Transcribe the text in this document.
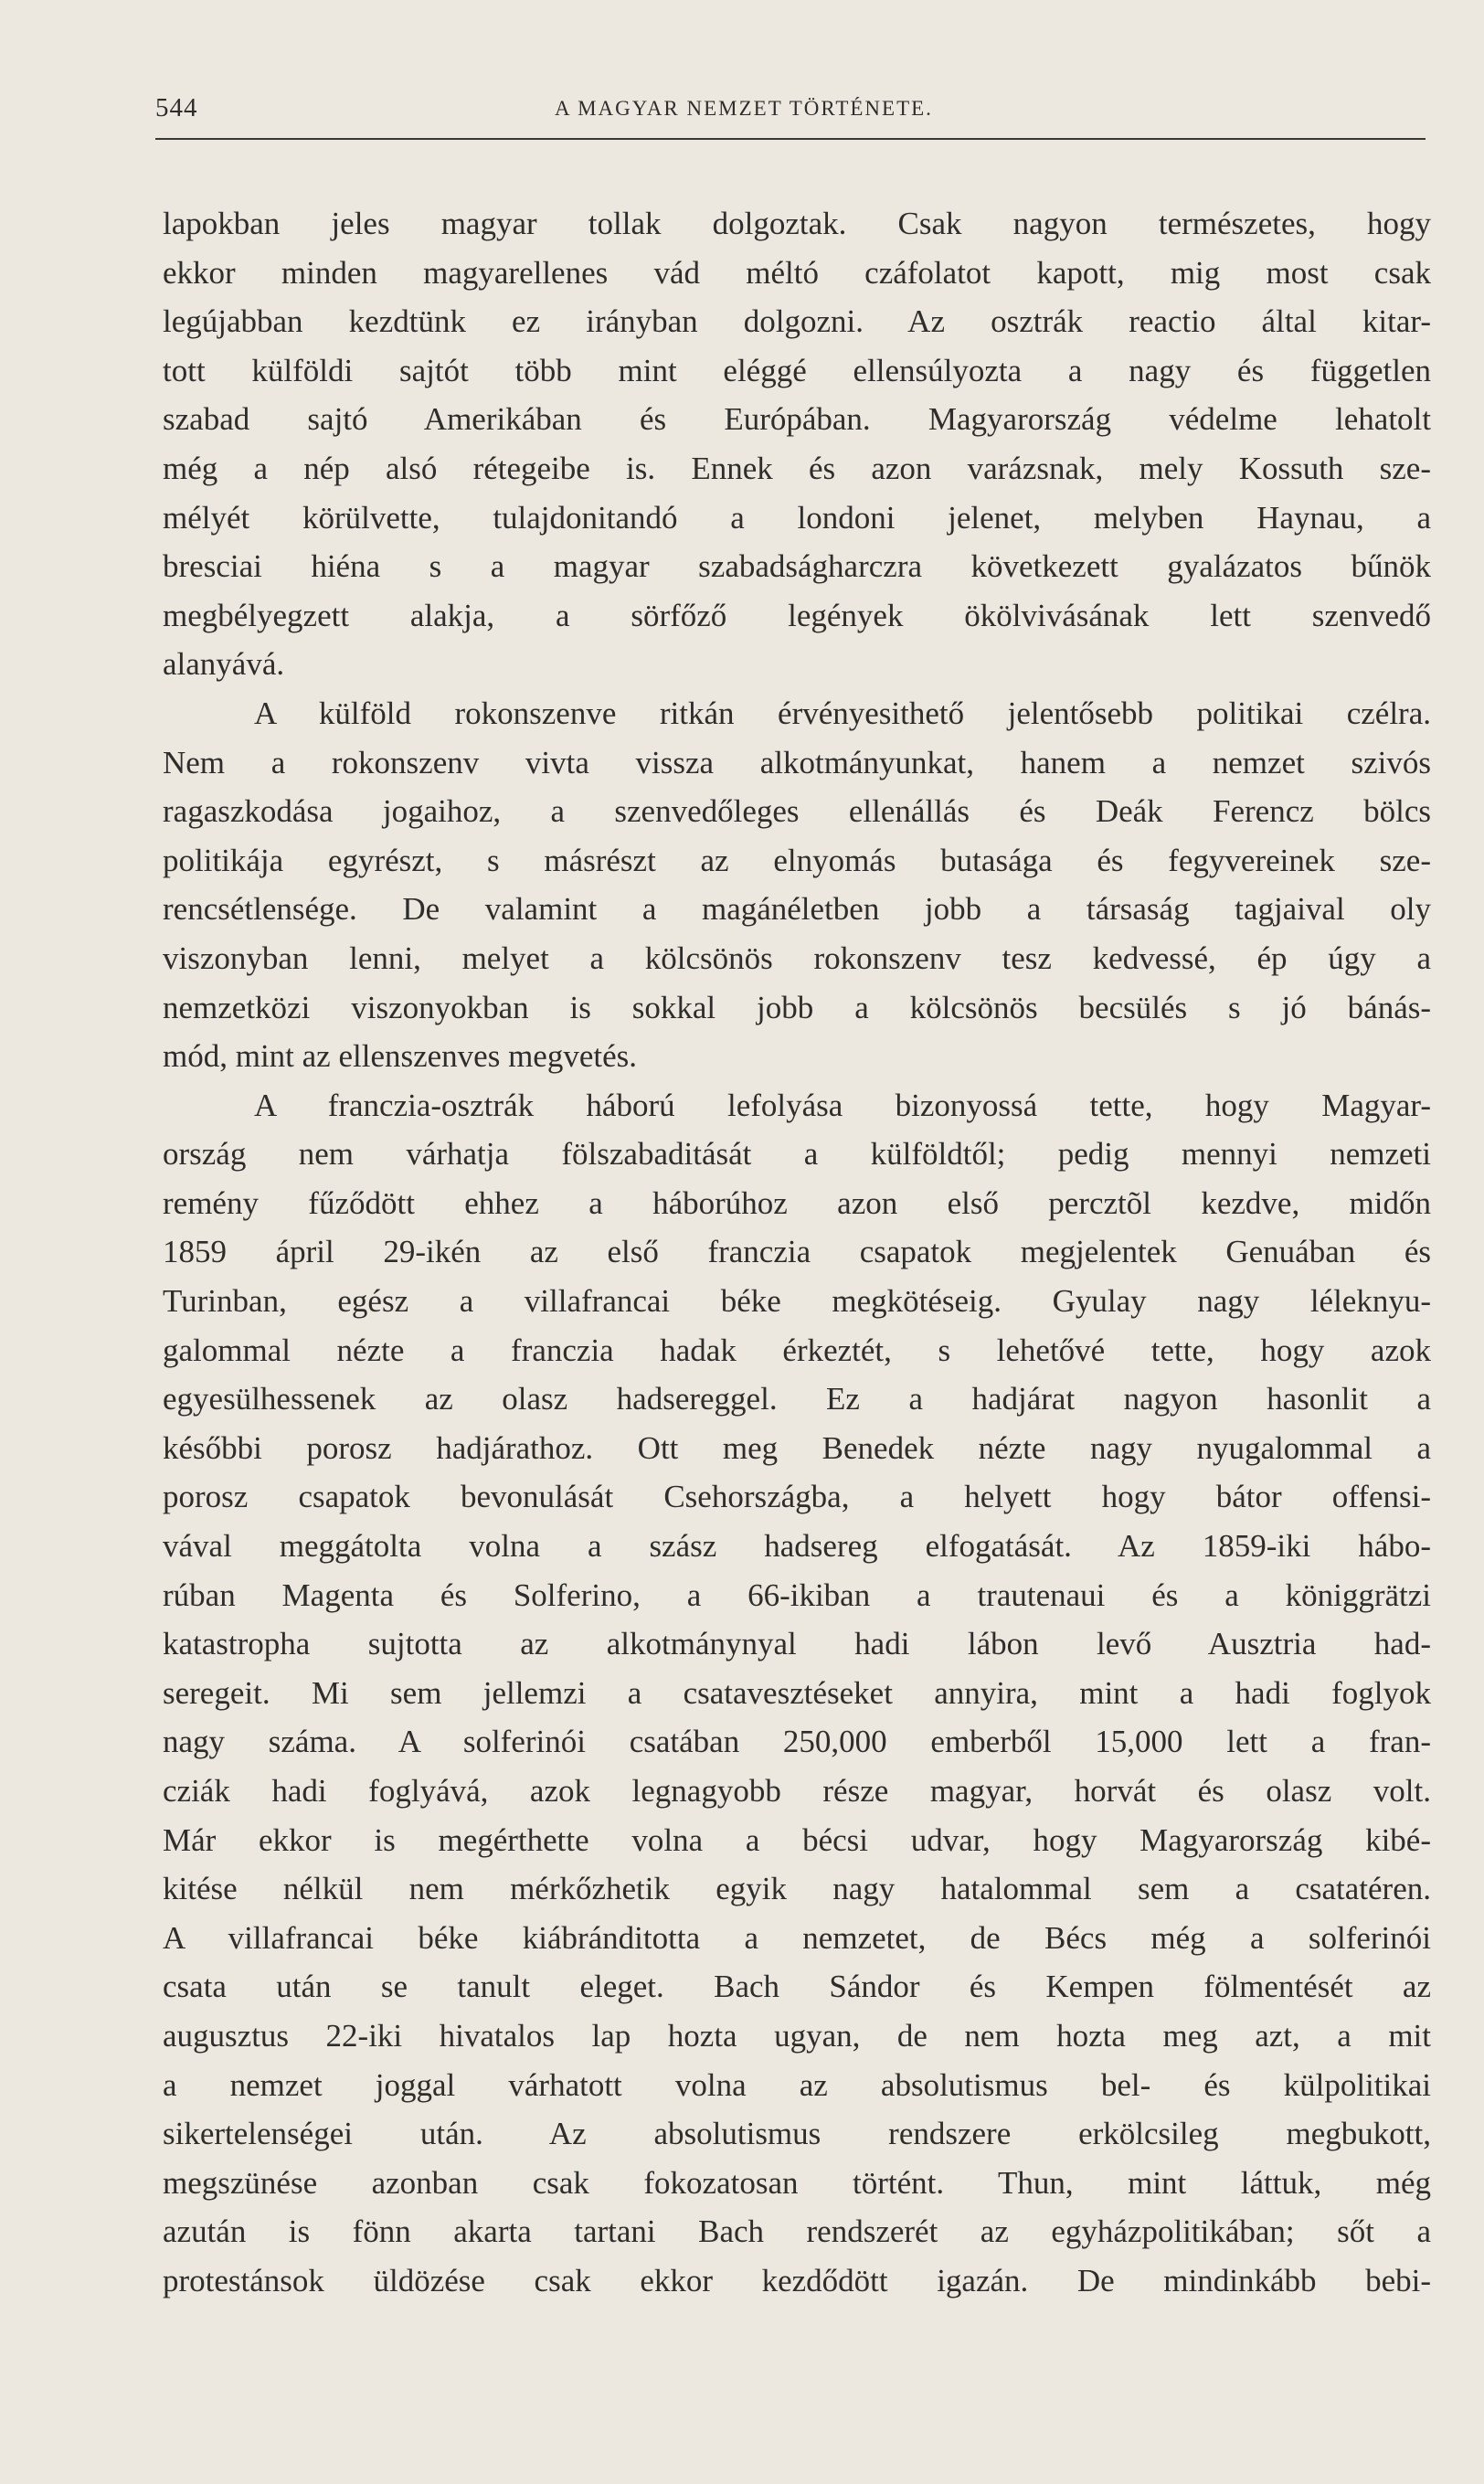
544	A MAGYAR NEMZET TÖRTÉNETE.
lapokban jeles magyar tollak dolgoztak. Csak nagyon természetes, hogy
ekkor minden magyarellenes vád méltó czáfolatot kapott, mig most csak
legújabban kezdtünk ez irányban dolgozni. Az osztrák reactio által kitar-
tott külföldi sajtót több mint eléggé ellensúlyozta a nagy és független
szabad sajtó Amerikában és Európában. Magyarország védelme lehatolt
még a nép alsó rétegeibe is. Ennek és azon varázsnak, mely Kossuth sze-
mélyét körülvette, tulajdonitandó a londoni jelenet, melyben Haynau, a
bresciai hiéna s a magyar szabadságharczra következett gyalázatos bűnök
megbélyegzett alakja, a sörfőző legények ökölvivásának lett szenvedő
alanyává.
A külföld rokonszenve ritkán érvényesithető jelentősebb politikai czélra.
Nem a rokonszenv vivta vissza alkotmányunkat, hanem a nemzet szivós
ragaszkodása jogaihoz, a szenvedőleges ellenállás és Deák Ferencz bölcs
politikája egyrészt, s másrészt az elnyomás butasága és fegyvereinek sze-
rencsétlensége. De valamint a magánéletben jobb a társaság tagjaival oly
viszonyban lenni, melyet a kölcsönös rokonszenv tesz kedvessé, ép úgy a
nemzetközi viszonyokban is sokkal jobb a kölcsönös becsülés s jó bánás-
mód, mint az ellenszenves megvetés.
A franczia-osztrák háború lefolyása bizonyossá tette, hogy Magyar-
ország nem várhatja fölszabaditását a külföldtől; pedig mennyi nemzeti
remény fűződött ehhez a háborúhoz azon első percztõl kezdve, midőn
1859 ápril 29-ikén az első franczia csapatok megjelentek Genuában és
Turinban, egész a villafrancai béke megkötéseig. Gyulay nagy léleknyu-
galommal nézte a franczia hadak érkeztét, s lehetővé tette, hogy azok
egyesülhessenek az olasz hadsereggel. Ez a hadjárat nagyon hasonlit a
későbbi porosz hadjárathoz. Ott meg Benedek nézte nagy nyugalommal a
porosz csapatok bevonulását Csehországba, a helyett hogy bátor offensi-
vával meggátolta volna a szász hadsereg elfogatását. Az 1859-iki hábo-
rúban Magenta és Solferino, a 66-ikiban a trautenaui és a königgrätzi
katastropha sujtotta az alkotmánynyal hadi lábon levő Ausztria had-
seregeit. Mi sem jellemzi a csatavesztéseket annyira, mint a hadi foglyok
nagy száma. A solferinói csatában 250,000 emberből 15,000 lett a fran-
cziák hadi foglyává, azok legnagyobb része magyar, horvát és olasz volt.
Már ekkor is megérthette volna a bécsi udvar, hogy Magyarország kibé-
kitése nélkül nem mérkőzhetik egyik nagy hatalommal sem a csatatéren.
A villafrancai béke kiábránditotta a nemzetet, de Bécs még a solferinói
csata után se tanult eleget. Bach Sándor és Kempen fölmentését az
augusztus 22-iki hivatalos lap hozta ugyan, de nem hozta meg azt, a mit
a nemzet joggal várhatott volna az absolutismus bel- és külpolitikai
sikertelenségei után. Az absolutismus rendszere erkölcsileg megbukott,
megszünése azonban csak fokozatosan történt. Thun, mint láttuk, még
azután is fönn akarta tartani Bach rendszerét az egyházpolitikában; sőt a
protestánsok üldözése csak ekkor kezdődött igazán. De mindinkább bebi-
